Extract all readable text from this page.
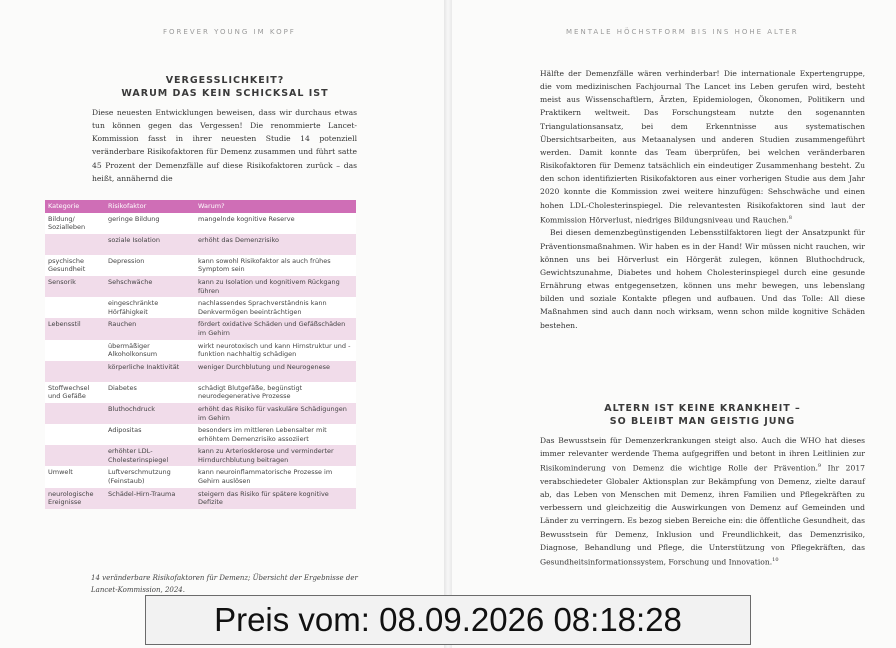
FOREVER YOUNG IM KOPF
VERGESSLICHKEIT?
WARUM DAS KEIN SCHICKSAL IST

Diese neuesten Entwicklungen beweisen, dass wir durchaus etwas tun können gegen das Vergessen! Die renommierte Lancet-Kommission fasst in ihrer neuesten Studie 14 potenziell veränderbare Risikofaktoren für Demenz zusammen und führt satte 45 Prozent der Demenzfälle auf diese Risikofaktoren zurück – das heißt, annähernd die

Kategorie	Risikofaktor	Warum?
Bildung/ Sozialleben	geringe Bildung	mangelnde kognitive Reserve
	soziale Isolation	erhöht das Demenzrisiko
psychische Gesundheit	Depression	kann sowohl Risikofaktor als auch frühes Symptom sein
Sensorik	Sehschwäche	kann zu Isolation und kognitivem Rückgang führen
	eingeschränkte Hörfähigkeit	nachlassendes Sprachverständnis kann Denkvermögen beeinträchtigen
Lebensstil	Rauchen	fördert oxidative Schäden und Gefäßschäden im Gehirn
	übermäßiger Alkoholkonsum	wirkt neurotoxisch und kann Hirnstruktur und -funktion nachhaltig schädigen
	körperliche Inaktivität	weniger Durchblutung und Neurogenese
Stoffwechsel und Gefäße	Diabetes	schädigt Blutgefäße, begünstigt neurodegenerative Prozesse
	Bluthochdruck	erhöht das Risiko für vaskuläre Schädigungen im Gehirn
	Adipositas	besonders im mittleren Lebensalter mit erhöhtem Demenzrisiko assoziiert
	erhöhter LDL-Cholesterinspiegel	kann zu Arteriosklerose und verminderter Hirndurchblutung beitragen
Umwelt	Luftverschmutzung (Feinstaub)	kann neuroinflammatorische Prozesse im Gehirn auslösen
neurologische Ereignisse	Schädel-Hirn-Trauma	steigern das Risiko für spätere kognitive Defizite
14 veränderbare Risikofaktoren für Demenz; Übersicht der Ergebnisse der Lancet-Kommission, 2024.
MENTALE HÖCHSTFORM BIS INS HOHE ALTER

Hälfte der Demenzfälle wären verhinderbar! Die internationale Expertengruppe, die vom medizinischen Fachjournal The Lancet ins Leben gerufen wird, besteht meist aus Wissenschaftlern, Ärzten, Epidemiologen, Ökonomen, Politikern und Praktikern weltweit. Das Forschungsteam nutzte den sogenannten Triangulationsansatz, bei dem Erkenntnisse aus systematischen Übersichtsarbeiten, aus Metaanalysen und anderen Studien zusammengeführt werden. Damit konnte das Team überprüfen, bei welchen veränderbaren Risikofaktoren für Demenz tatsächlich ein eindeutiger Zusammenhang besteht. Zu den schon identifizierten Risikofaktoren aus einer vorherigen Studie aus dem Jahr 2020 konnte die Kommission zwei weitere hinzufügen: Sehschwäche und einen hohen LDL-Cholesterinspiegel. Die relevantesten Risikofaktoren sind laut der Kommission Hörverlust, niedriges Bildungsniveau und Rauchen.$^8$

Bei diesen demenzbegünstigenden Lebensstilfaktoren liegt der Ansatzpunkt für Präventionsmaßnahmen. Wir haben es in der Hand! Wir müssen nicht rauchen, wir können uns bei Hörverlust ein Hörgerät zulegen, können Bluthochdruck, Gewichtszunahme, Diabetes und hohem Cholesterinspiegel durch eine gesunde Ernährung etwas entgegensetzen, können uns mehr bewegen, uns lebenslang bilden und soziale Kontakte pflegen und aufbauen. Und das Tolle: All diese Maßnahmen sind auch dann noch wirksam, wenn schon milde kognitive Schäden bestehen.

ALTERN IST KEINE KRANKHEIT –
SO BLEIBT MAN GEISTIG JUNG

Das Bewusstsein für Demenzerkrankungen steigt also. Auch die WHO hat dieses immer relevanter werdende Thema aufgegriffen und betont in ihren Leitlinien zur Risikominderung von Demenz die wichtige Rolle der Prävention.$^9$ Ihr 2017 verabschiedeter Globaler Aktionsplan zur Bekämpfung von Demenz, zielte darauf ab, das Leben von Menschen mit Demenz, ihren Familien und Pflegekräften zu verbessern und gleichzeitig die Auswirkungen von Demenz auf Gemeinden und Länder zu verringern. Es bezog sieben Bereiche ein: die öffentliche Gesundheit, das Bewusstsein für Demenz, Inklusion und Freundlichkeit, das Demenzrisiko, Diagnose, Behandlung und Pflege, die Unterstützung von Pflegekräften, das Gesundheitsinformationssystem, Forschung und Innovation.$^{10}$

Preis vom: 08.09.2026 08:18:28
